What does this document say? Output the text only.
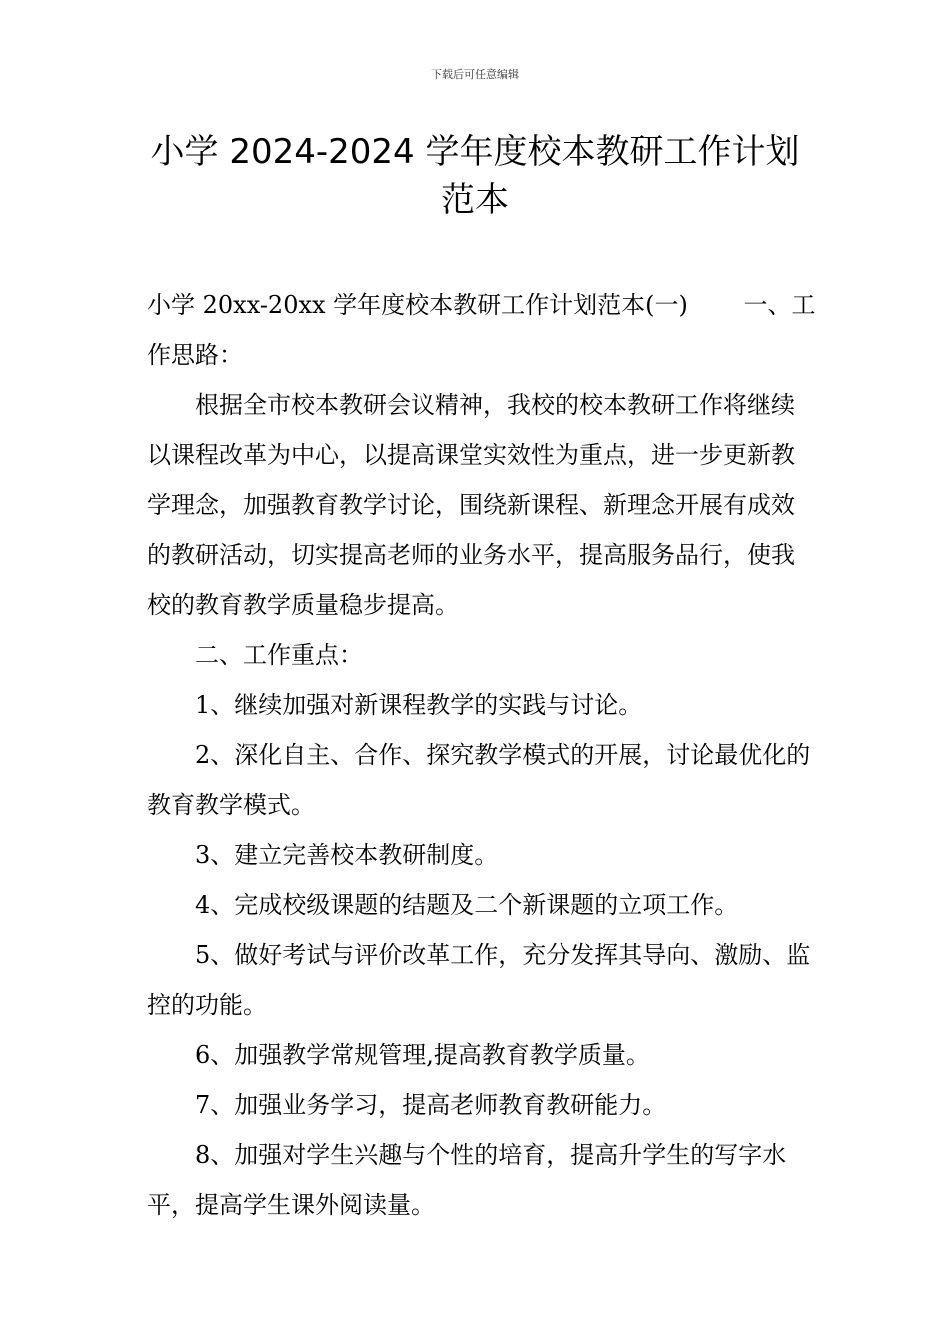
下载后可任意编辑
小学 2024-2024 学年度校本教研工作计划
范本

小学 20xx-20xx 学年度校本教研工作计划范本(一)　　 一、工作思路：

根据全市校本教研会议精神，我校的校本教研工作将继续以课程改革为中心，以提高课堂实效性为重点，进一步更新教学理念，加强教育教学讨论，围绕新课程、新理念开展有成效的教研活动，切实提高老师的业务水平，提高服务品行，使我校的教育教学质量稳步提高。

二、工作重点：

1、继续加强对新课程教学的实践与讨论。

2、深化自主、合作、探究教学模式的开展，讨论最优化的教育教学模式。

3、建立完善校本教研制度。

4、完成校级课题的结题及二个新课题的立项工作。

5、做好考试与评价改革工作，充分发挥其导向、激励、监控的功能。

6、加强教学常规管理,提高教育教学质量。

7、加强业务学习，提高老师教育教研能力。

8、加强对学生兴趣与个性的培育，提高升学生的写字水平，提高学生课外阅读量。
